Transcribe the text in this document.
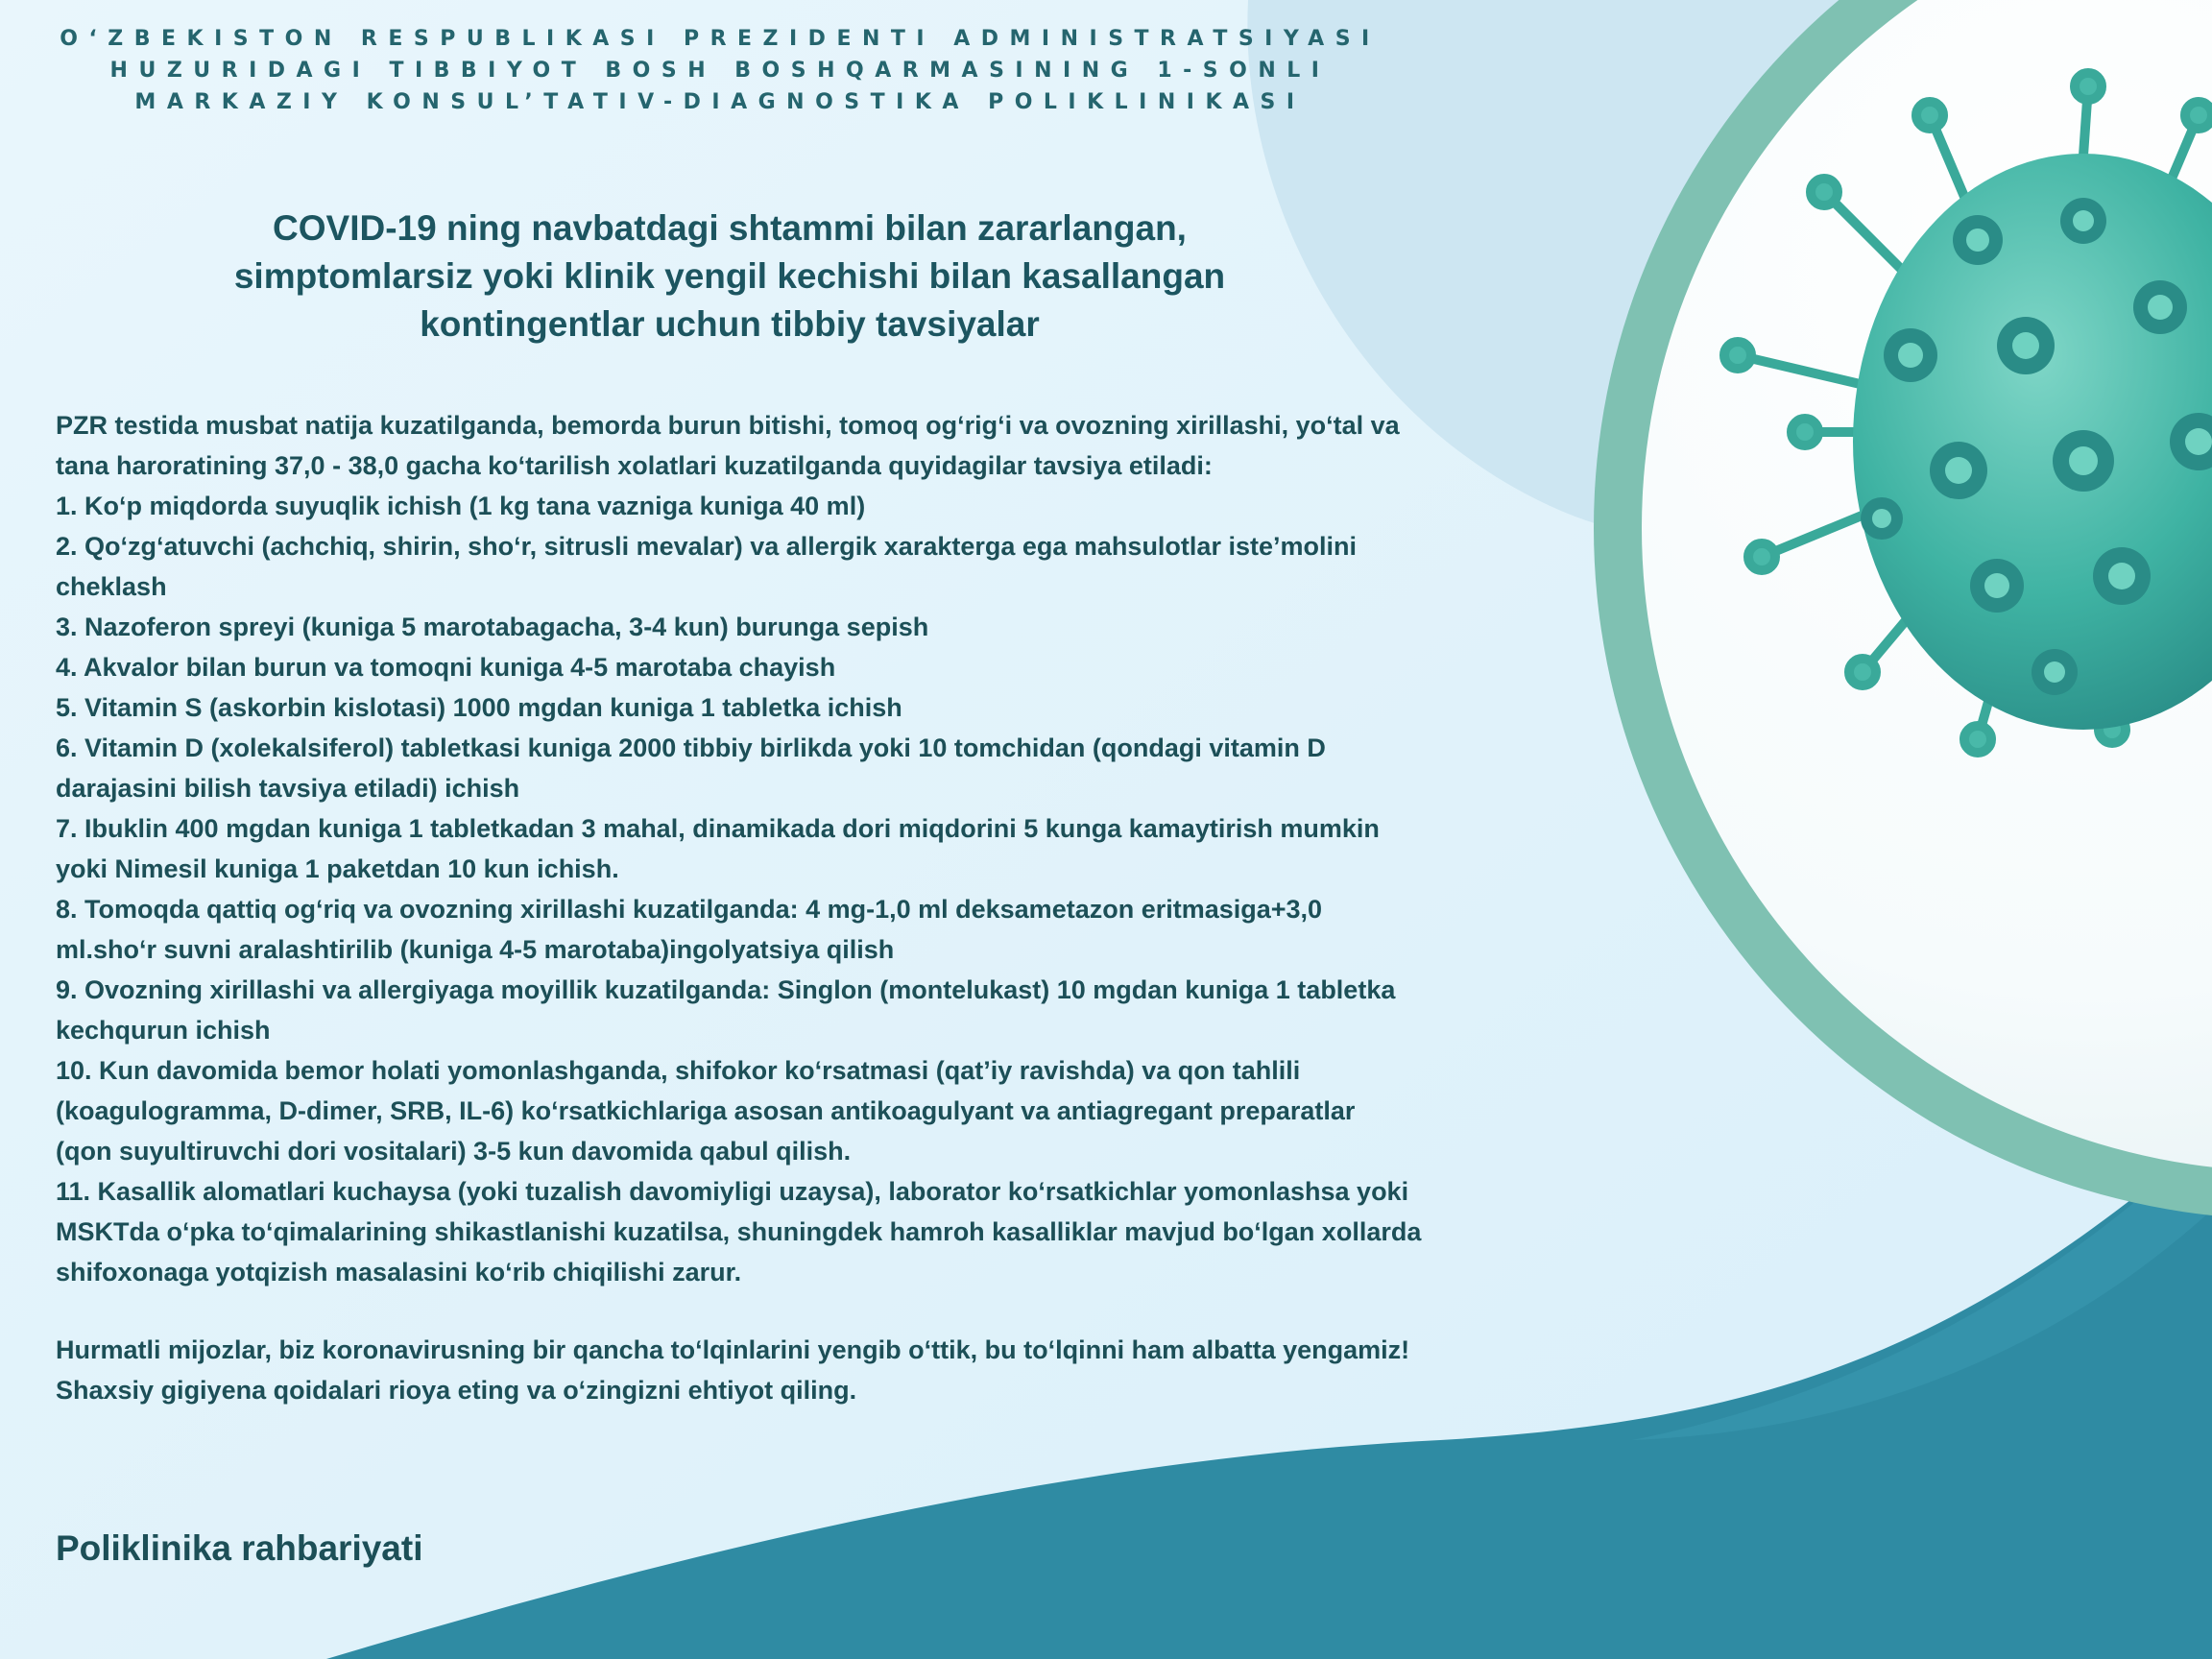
O‘ZBEKISTON RESPUBLIKASI PREZIDENTI ADMINISTRATSIYASI
HUZURIDAGI TIBBIYOT BOSH BOSHQARMASINING 1-SONLI
MARKAZIY KONSUL’TATIV-DIAGNOSTIKA POLIKLINIKASI
COVID-19 ning navbatdagi shtammi bilan zararlangan,
simptomlarsiz yoki klinik yengil kechishi bilan kasallangan
kontingentlar uchun tibbiy tavsiyalar
PZR testida musbat natija kuzatilganda, bemorda burun bitishi, tomoq og‘rig‘i va ovozning xirillashi, yo‘tal va
tana haroratining 37,0 - 38,0 gacha ko‘tarilish xolatlari kuzatilganda quyidagilar tavsiya etiladi:
1. Ko‘p miqdorda suyuqlik ichish (1 kg tana vazniga kuniga 40 ml)
2. Qo‘zg‘atuvchi (achchiq, shirin, sho‘r, sitrusli mevalar) va allergik xarakterga ega mahsulotlar iste’molini
cheklash
3. Nazoferon spreyi (kuniga 5 marotabagacha, 3-4 kun) burunga sepish
4. Akvalor bilan burun va tomoqni kuniga 4-5 marotaba chayish
5. Vitamin S (askorbin kislotasi) 1000 mgdan kuniga 1 tabletka ichish
6. Vitamin D (xolekalsiferol) tabletkasi kuniga 2000 tibbiy birlikda yoki 10 tomchidan (qondagi vitamin D
darajasini bilish tavsiya etiladi) ichish
7. Ibuklin 400 mgdan kuniga 1 tabletkadan 3 mahal, dinamikada dori miqdorini 5 kunga kamaytirish mumkin
yoki Nimesil kuniga 1 paketdan 10 kun ichish.
8. Tomoqda qattiq og‘riq va ovozning xirillashi kuzatilganda: 4 mg-1,0 ml deksametazon eritmasiga+3,0
ml.sho‘r suvni aralashtirilib (kuniga 4-5 marotaba)ingolyatsiya qilish
9. Ovozning xirillashi va allergiyaga moyillik kuzatilganda: Singlon (montelukast) 10 mgdan kuniga 1 tabletka
kechqurun ichish
10. Kun davomida bemor holati yomonlashganda, shifokor ko‘rsatmasi (qat’iy ravishda) va qon tahlili
(koagulogramma, D-dimer, SRB, IL-6) ko‘rsatkichlariga asosan antikoagulyant va antiagregant preparatlar
(qon suyultiruvchi dori vositalari) 3-5 kun davomida qabul qilish.
11. Kasallik alomatlari kuchaysa (yoki tuzalish davomiyligi uzaysa), laborator ko‘rsatkichlar yomonlashsa yoki
MSKTda o‘pka to‘qimalarining shikastlanishi kuzatilsa, shuningdek hamroh kasalliklar mavjud bo‘lgan xollarda
shifoxonaga yotqizish masalasini ko‘rib chiqilishi zarur.
Hurmatli mijozlar, biz koronavirusning bir qancha to‘lqinlarini yengib o‘ttik, bu to‘lqinni ham albatta yengamiz!
Shaxsiy gigiyena qoidalari rioya eting va o‘zingizni ehtiyot qiling.
Poliklinika rahbariyati
